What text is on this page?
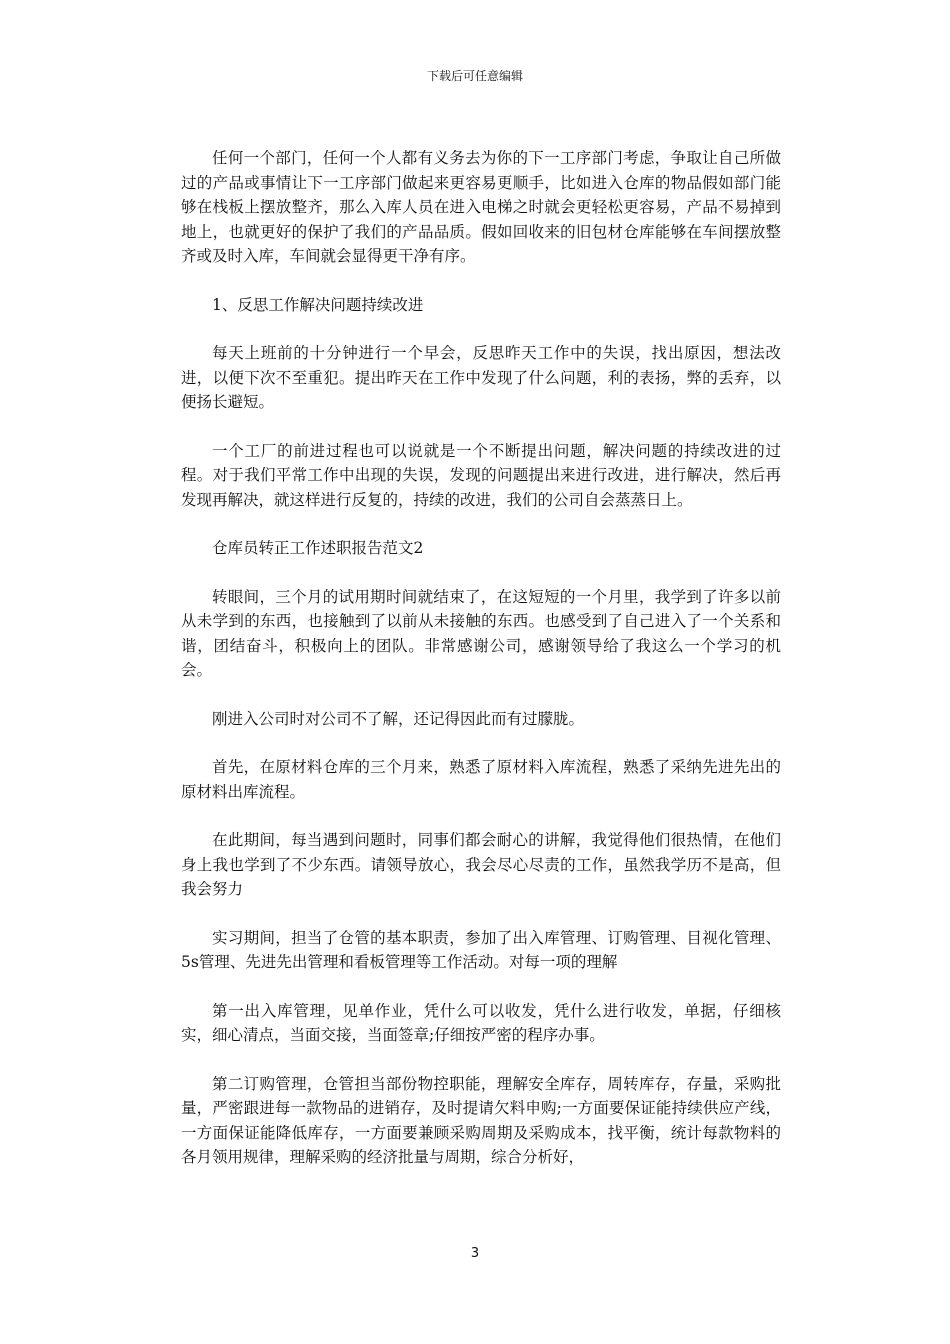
下载后可任意编辑

任何一个部门，任何一个人都有义务去为你的下一工序部门考虑，争取让自己所做过的产品或事情让下一工序部门做起来更容易更顺手，比如进入仓库的物品假如部门能够在栈板上摆放整齐，那么入库人员在进入电梯之时就会更轻松更容易，产品不易掉到地上，也就更好的保护了我们的产品品质。假如回收来的旧包材仓库能够在车间摆放整齐或及时入库，车间就会显得更干净有序。

1、反思工作解决问题持续改进

每天上班前的十分钟进行一个早会，反思昨天工作中的失误，找出原因，想法改进，以便下次不至重犯。提出昨天在工作中发现了什么问题，利的表扬，弊的丢弃，以便扬长避短。

一个工厂的前进过程也可以说就是一个不断提出问题，解决问题的持续改进的过程。对于我们平常工作中出现的失误，发现的问题提出来进行改进，进行解决，然后再发现再解决，就这样进行反复的，持续的改进，我们的公司自会蒸蒸日上。

仓库员转正工作述职报告范文2

转眼间，三个月的试用期时间就结束了，在这短短的一个月里，我学到了许多以前从未学到的东西，也接触到了以前从未接触的东西。也感受到了自己进入了一个关系和谐，团结奋斗，积极向上的团队。非常感谢公司，感谢领导给了我这么一个学习的机会。

刚进入公司时对公司不了解，还记得因此而有过朦胧。

首先，在原材料仓库的三个月来，熟悉了原材料入库流程，熟悉了采纳先进先出的原材料出库流程。

在此期间，每当遇到问题时，同事们都会耐心的讲解，我觉得他们很热情，在他们身上我也学到了不少东西。请领导放心，我会尽心尽责的工作，虽然我学历不是高，但我会努力

实习期间，担当了仓管的基本职责，参加了出入库管理、订购管理、目视化管理、5s管理、先进先出管理和看板管理等工作活动。对每一项的理解

第一出入库管理，见单作业，凭什么可以收发，凭什么进行收发，单据，仔细核实，细心清点，当面交接，当面签章;仔细按严密的程序办事。

第二订购管理，仓管担当部份物控职能，理解安全库存，周转库存，存量，采购批量，严密跟进每一款物品的进销存，及时提请欠料申购;一方面要保证能持续供应产线，一方面保证能降低库存，一方面要兼顾采购周期及采购成本，找平衡，统计每款物料的各月领用规律，理解采购的经济批量与周期，综合分析好，

3
